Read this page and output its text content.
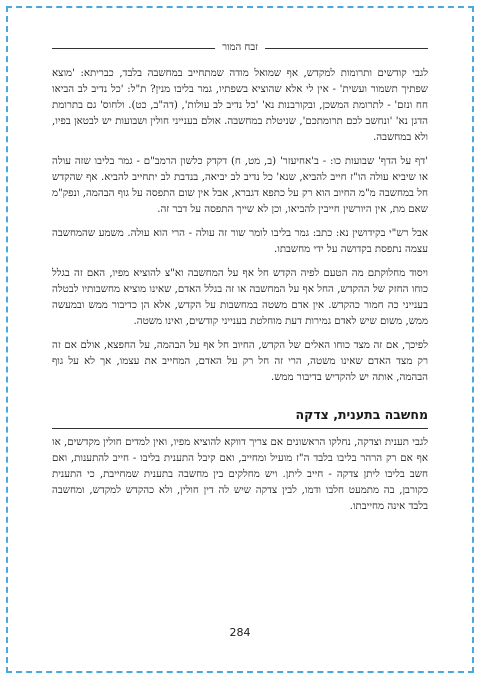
זבח המור

לגבי קודשים ותרומות למקדש, אף שמואל מודה שמתחייב במחשבה בלבד, כבריתא: 'מוצא שפתיך תשמור ועשית' - אין לי אלא שהוציא בשפתיו, גמר בליבו מנין? ת"ל: 'כל נדיב לב הביאו חח ונזם' - לתרומת המשכן, ובקורבנות נא' 'כל נדיב לב עולות', (דה"ב, כט). ולחוס' גם בתרומת הדגן נא' 'ונחשב לכם תרומתכם', שניטלת במחשבה. אולם בענייני חולין ושבועות יש לבטאן בפיו, ולא במחשבה.

'דף על הדף' שבועות כו: - ב'אחיעזר' (ב, מט, ח) דקדק כלשון הרמב"ם - גמר בליבו שזה עולה או שיביא עולה הו"ז חייב להביא, שנא' כל נדיב לב יביאה, בנדבת לב יתחייב להביא. אף שהקדש חל במחשבה מ"מ החיוב הוא רק על כתפא דגברא, אבל אין שום התפסה על גוף הבהמה, ונפק"מ שאם מת, אין היורשין חייבין להביאו, וכן לא שייך התפסה על דבר זה.

אבל רש"י בקידושין נא: כתב: גמר בליבו לומר שור זה עולה - הרי הוא עולה. משמע שהמחשבה עצמה נתפסת בקדושה על ידי מחשבתו.

ויסוד מחלוקתם מה הטעם לפיה הקדש חל אף על המחשבה וא"צ להוציא מפיו, האם זה בגלל כוחו החזק של ההקדש, החל אף על המחשבה או זה בגלל האדם, שאינו מוציא מחשבותיו לבטלה בענייני כה חמור כהקדש. אין אדם משטה במחשבות על הקדש, אלא הן כדיבור ממש ובמעשה ממש, משום שיש לאדם גמירות דעת מוחלטת בענייני קודשים, ואינו משטה.

לפיכך, אם זה מצד כוחו האלים של הקדש, החיוב חל אף על הבהמה, על החפצא, אולם אם זה רק מצד האדם שאינו משטה, הרי זה חל רק על האדם, המחייב את עצמו, אך לא על גוף הבהמה, אותה יש להקדיש בדיבור ממש.

מחשבה בתענית, צדקה

לגבי תענית וצדקה, נחלקו הראשונים אם צריך דווקא להוציא מפיו, ואין למדים חולין מקדשים, או אף אם רק הרהר בליבו בלבד ה"ז מועיל ומחייב, ואם קיבל התענית בליבו - חייב להתענות, ואם חשב בליבו ליתן צדקה - חייב ליתן. ויש מחלקים בין מחשבה בתענית שמחייבת, כי התענית כקורבן, בה מתמעט חלבו ודמו, לבין צדקה שיש לה דין חולין, ולא כהקדש למקדש, ומחשבה בלבד אינה מחייבתו.

284
